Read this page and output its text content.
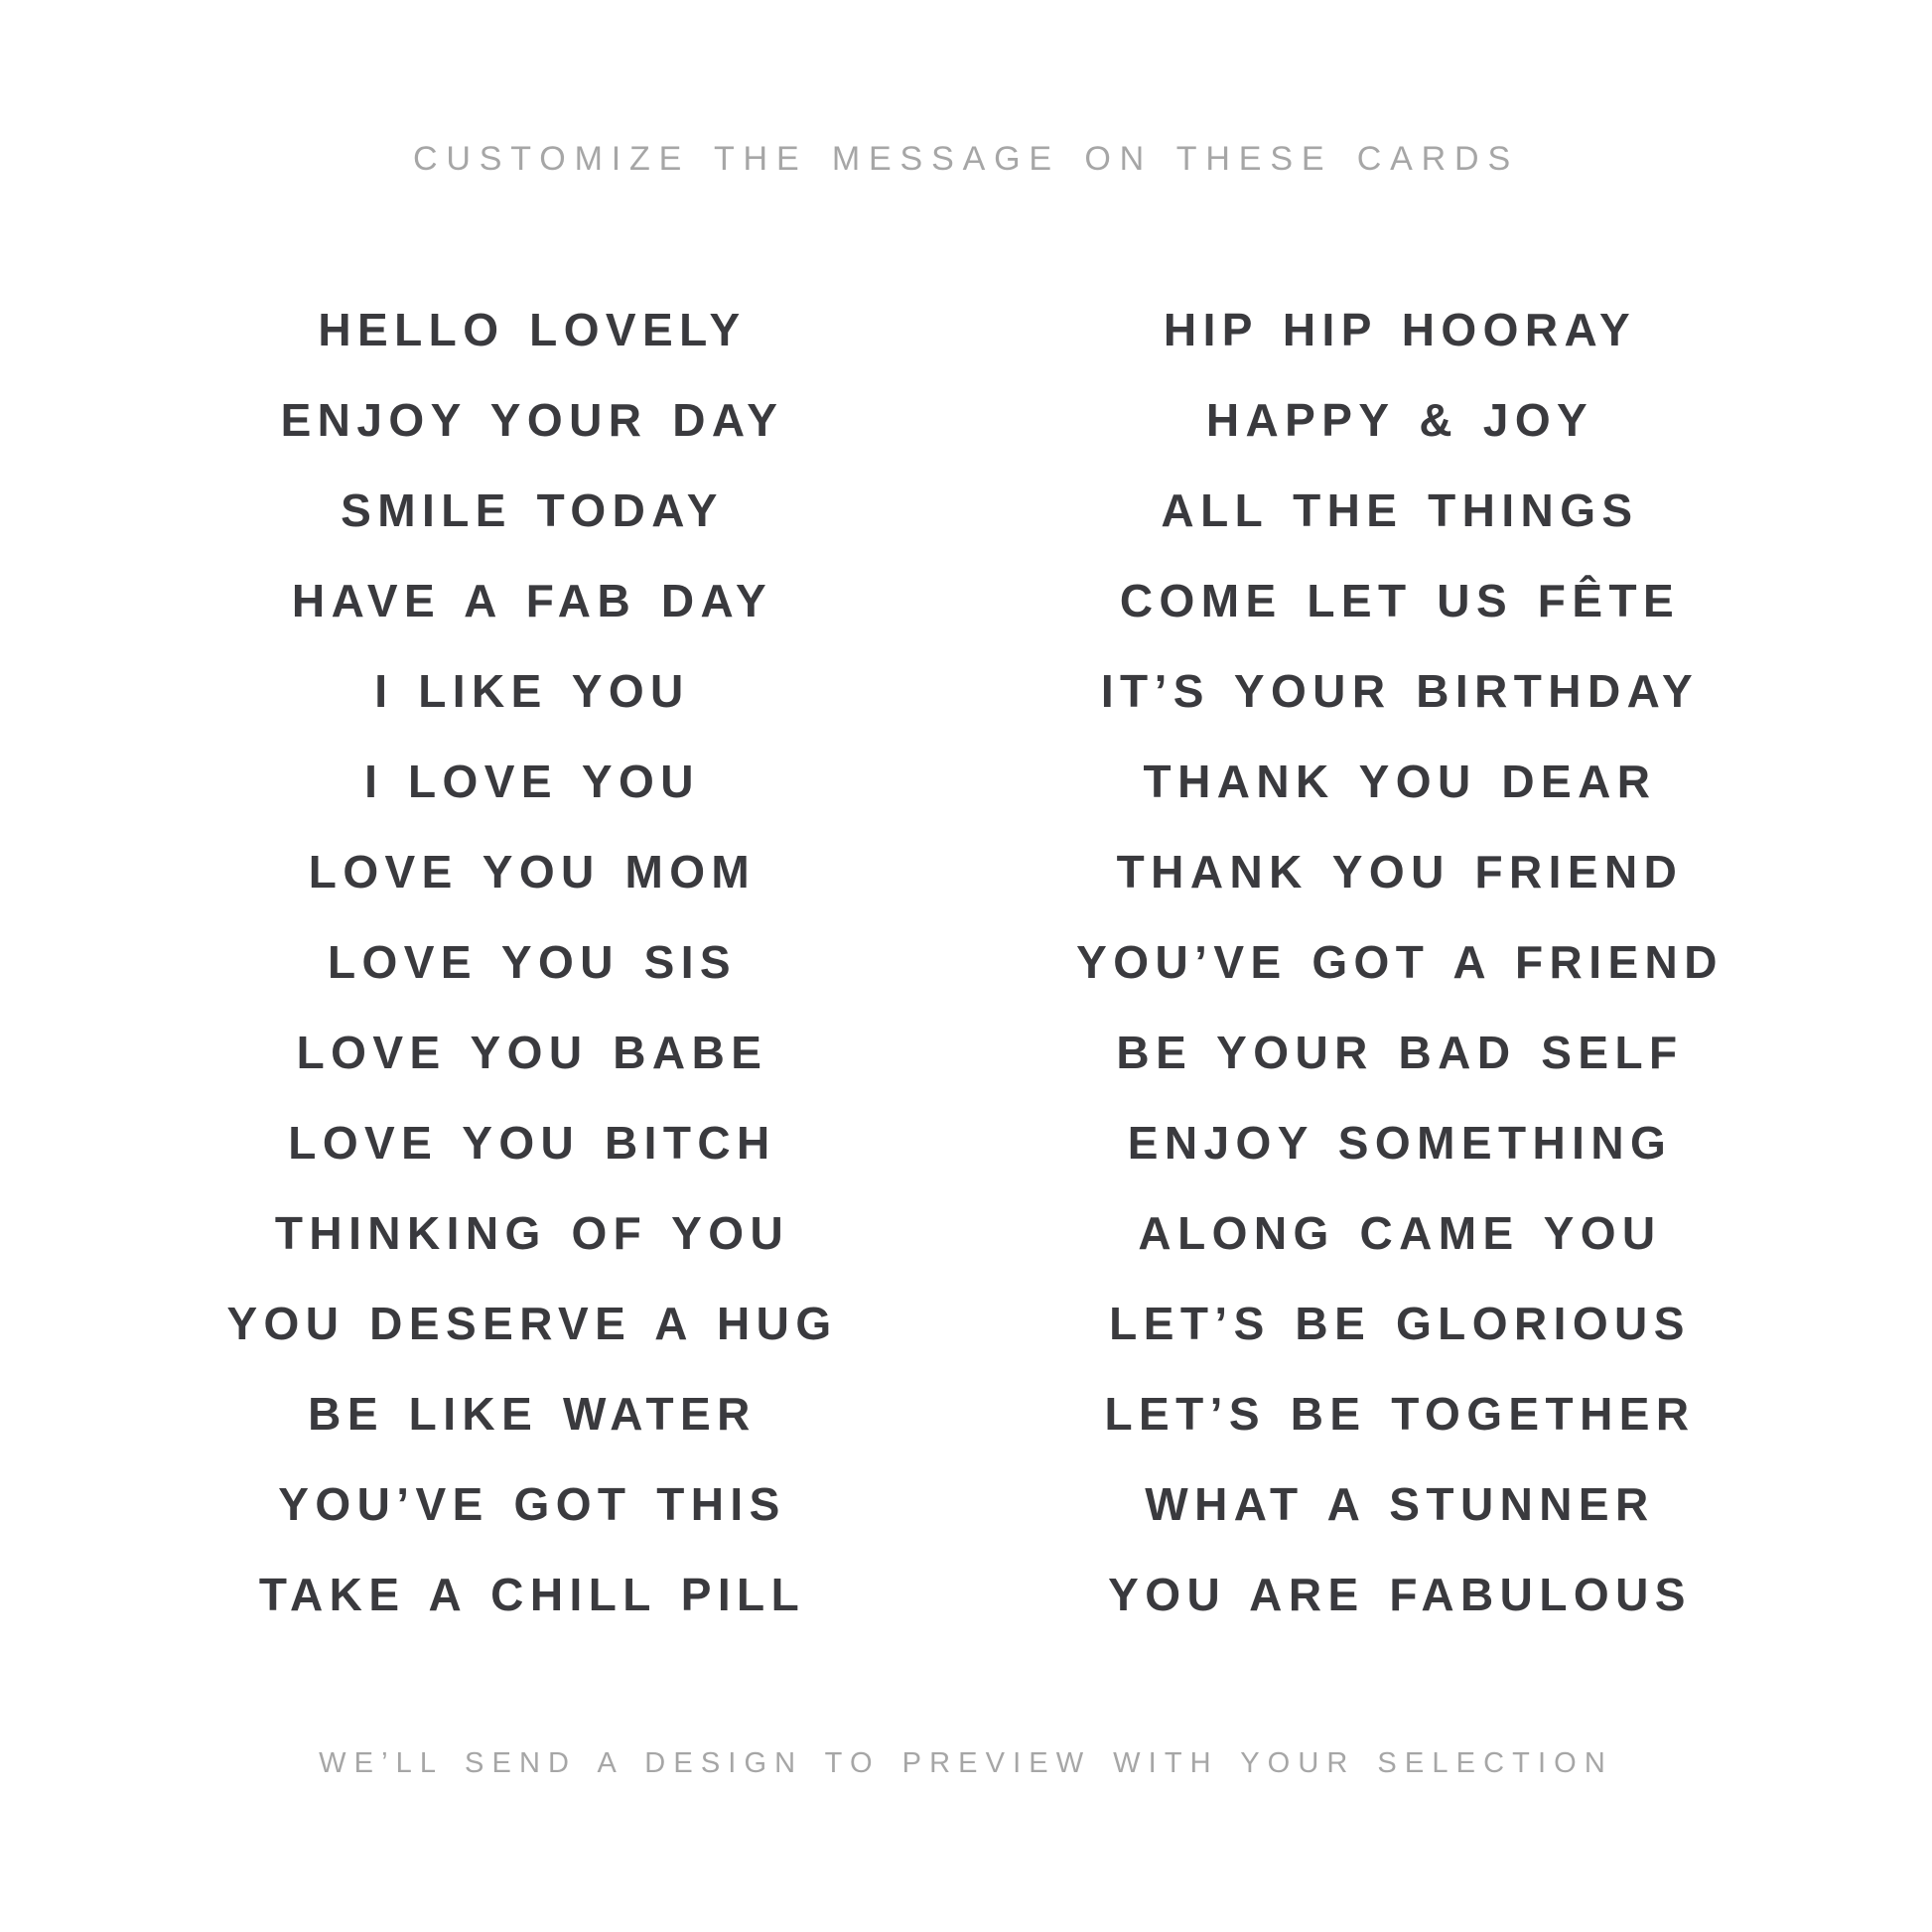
CUSTOMIZE THE MESSAGE ON THESE CARDS
HELLO LOVELY
ENJOY YOUR DAY
SMILE TODAY
HAVE A FAB DAY
I LIKE YOU
I LOVE YOU
LOVE YOU MOM
LOVE YOU SIS
LOVE YOU BABE
LOVE YOU BITCH
THINKING OF YOU
YOU DESERVE A HUG
BE LIKE WATER
YOU’VE GOT THIS
TAKE A CHILL PILL
HIP HIP HOORAY
HAPPY & JOY
ALL THE THINGS
COME LET US FÊTE
IT’S YOUR BIRTHDAY
THANK YOU DEAR
THANK YOU FRIEND
YOU’VE GOT A FRIEND
BE YOUR BAD SELF
ENJOY SOMETHING
ALONG CAME YOU
LET’S BE GLORIOUS
LET’S BE TOGETHER
WHAT A STUNNER
YOU ARE FABULOUS
WE’LL SEND A DESIGN TO PREVIEW WITH YOUR SELECTION
